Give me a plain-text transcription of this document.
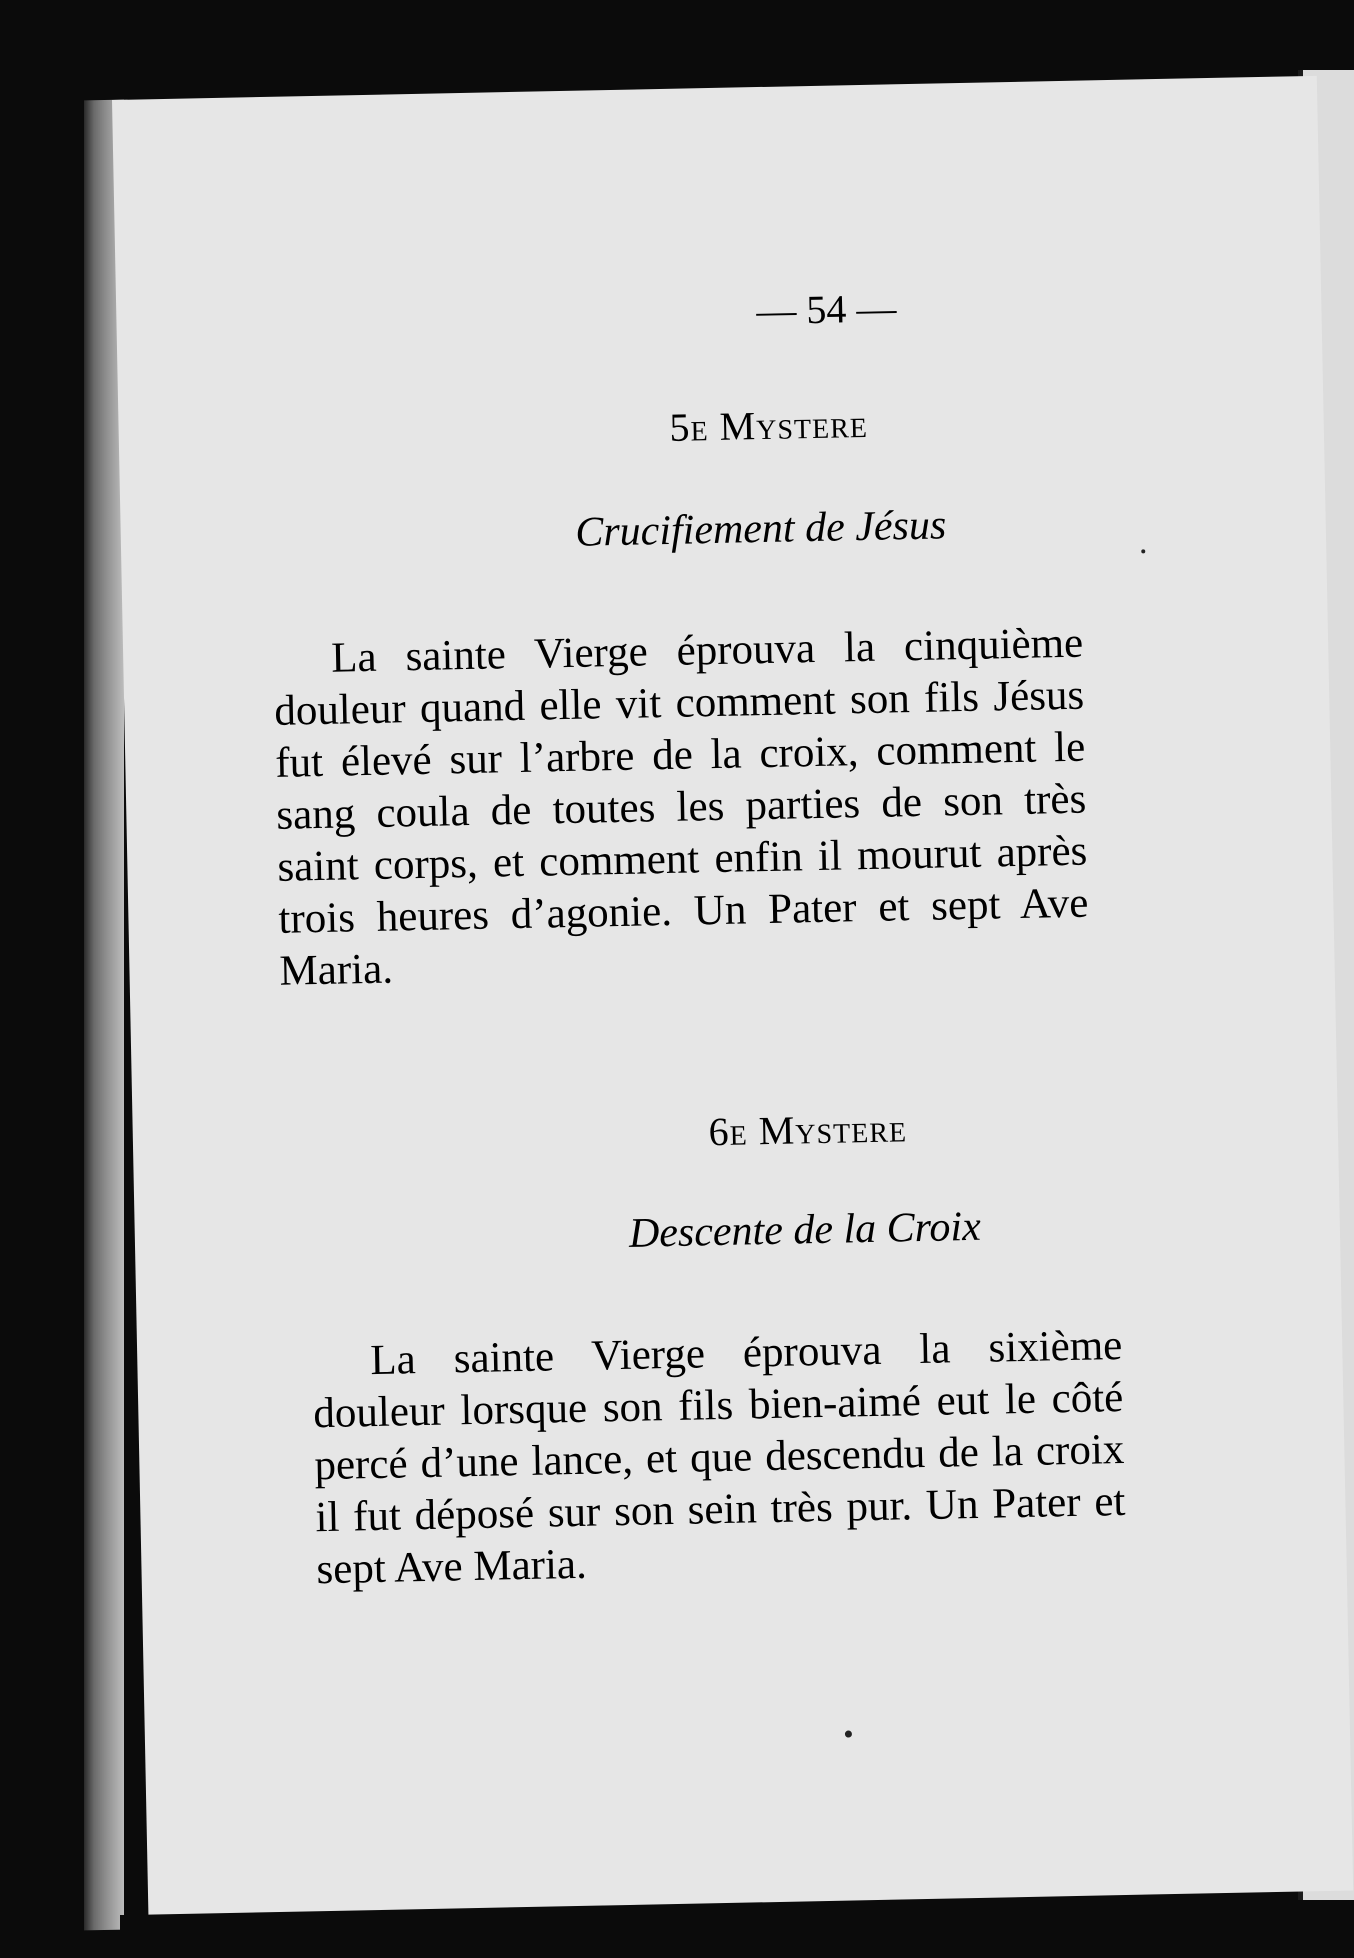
— 54 —
5e Mystere
Crucifiement de Jésus
La sainte Vierge éprouva la cinquième douleur quand elle vit comment son fils Jésus fut élevé sur l’arbre de la croix, comment le sang coula de toutes les parties de son très saint corps, et comment enfin il mourut après trois heures d’agonie. Un Pater et sept Ave Maria.
6e Mystere
Descente de la Croix
La sainte Vierge éprouva la sixième douleur lorsque son fils bien-aimé eut le côté percé d’une lance, et que descendu de la croix il fut déposé sur son sein très pur. Un Pater et sept Ave Maria.
